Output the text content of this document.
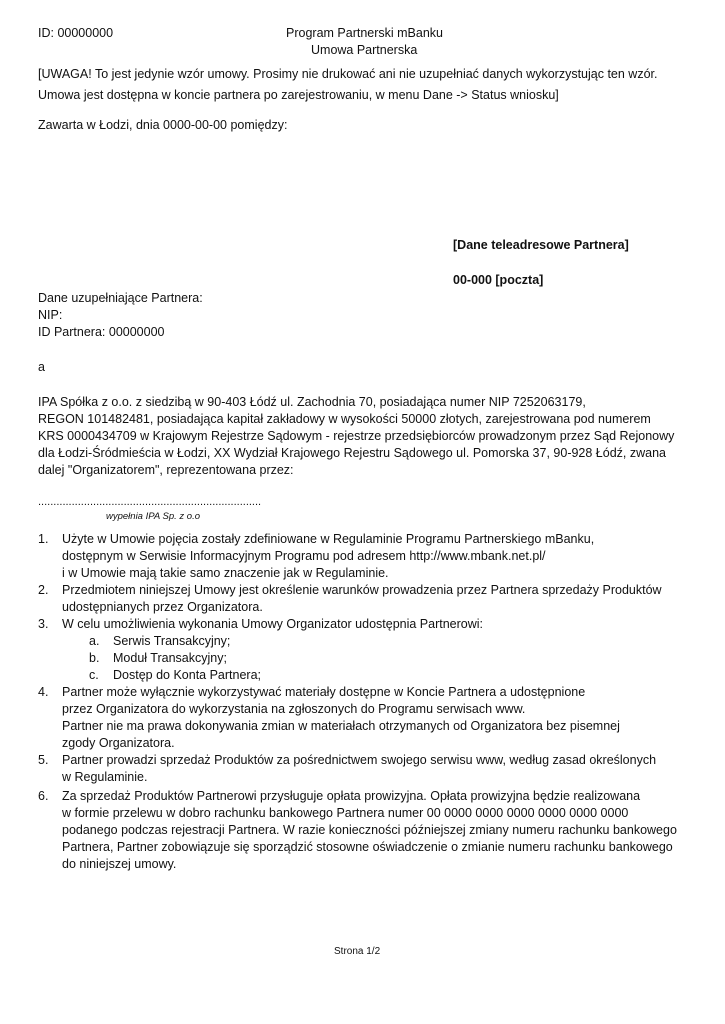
ID: 00000000	Program Partnerski mBanku
Umowa Partnerska
[UWAGA! To jest jedynie wzór umowy. Prosimy nie drukować ani nie uzupełniać danych wykorzystując ten wzór.
Umowa jest dostępna w koncie partnera po zarejestrowaniu, w menu Dane -> Status wniosku]
Zawarta w Łodzi, dnia 0000-00-00 pomiędzy:
[Dane teleadresowe Partnera]
00-000 [poczta]
Dane uzupełniające Partnera:
NIP:
ID Partnera: 00000000
a
IPA Spółka z o.o. z siedzibą w 90-403 Łódź ul. Zachodnia 70, posiadająca numer NIP 7252063179,
REGON 101482481, posiadająca kapitał zakładowy w wysokości 50000 złotych, zarejestrowana pod numerem
KRS 0000434709 w Krajowym Rejestrze Sądowym - rejestrze przedsiębiorców prowadzonym przez Sąd Rejonowy
dla Łodzi-Śródmieścia w Łodzi, XX Wydział Krajowego Rejestru Sądowego ul. Pomorska 37, 90-928 Łódź, zwana
dalej "Organizatorem", reprezentowana przez:
.........................................................................
wypełnia IPA Sp. z o.o
1. Użyte w Umowie pojęcia zostały zdefiniowane w Regulaminie Programu Partnerskiego mBanku,
dostępnym w Serwisie Informacyjnym Programu pod adresem http://www.mbank.net.pl/
i w Umowie mają takie samo znaczenie jak w Regulaminie.
2. Przedmiotem niniejszej Umowy jest określenie warunków prowadzenia przez Partnera sprzedaży Produktów
udostępnianych przez Organizatora.
3. W celu umożliwienia wykonania Umowy Organizator udostępnia Partnerowi:
a. Serwis Transakcyjny;
b. Moduł Transakcyjny;
c. Dostęp do Konta Partnera;
4. Partner może wyłącznie wykorzystywać materiały dostępne w Koncie Partnera a udostępnione
przez Organizatora do wykorzystania na zgłoszonych do Programu serwisach www.
Partner nie ma prawa dokonywania zmian w materiałach otrzymanych od Organizatora bez pisemnej
zgody Organizatora.
5. Partner prowadzi sprzedaż Produktów za pośrednictwem swojego serwisu www, według zasad określonych
w Regulaminie.
6. Za sprzedaż Produktów Partnerowi przysługuje opłata prowizyjna. Opłata prowizyjna będzie realizowana
w formie przelewu w dobro rachunku bankowego Partnera numer 00 0000 0000 0000 0000 0000 0000
podanego podczas rejestracji Partnera. W razie konieczności późniejszej zmiany numeru rachunku bankowego
Partnera, Partner zobowiązuje się sporządzić stosowne oświadczenie o zmianie numeru rachunku bankowego
do niniejszej umowy.
Strona 1/2
